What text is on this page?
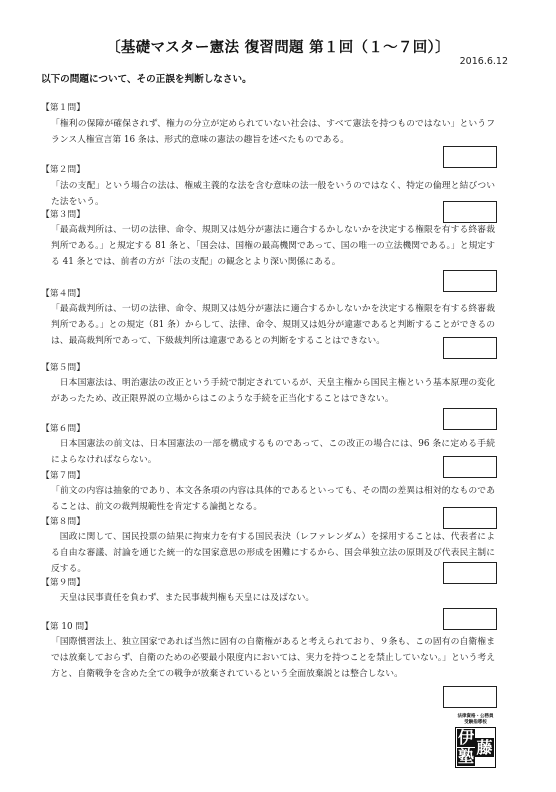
〔基礎マスター憲法 復習問題 第１回（１〜７回）〕
2016.6.12
以下の問題について、その正誤を判断しなさい。
【第１問】
「権利の保障が確保されず、権力の分立が定められていない社会は、すべて憲法を持つものではない」というフランス人権宣言第 16 条は、形式的意味の憲法の趣旨を述べたものである。
【第２問】
「法の支配」という場合の法は、権威主義的な法を含む意味の法一般をいうのではなく、特定の倫理と結びついた法をいう。
【第３問】
「最高裁判所は、一切の法律、命令、規則又は処分が憲法に適合するかしないかを決定する権限を有する終審裁判所である。」と規定する 81 条と、「国会は、国権の最高機関であって、国の唯一の立法機関である。」と規定する 41 条とでは、前者の方が「法の支配」の観念とより深い関係にある。
【第４問】
「最高裁判所は、一切の法律、命令、規則又は処分が憲法に適合するかしないかを決定する権限を有する終審裁判所である。」との規定（81 条）からして、法律、命令、規則又は処分が違憲であると判断することができるのは、最高裁判所であって、下級裁判所は違憲であるとの判断をすることはできない。
【第５問】
日本国憲法は、明治憲法の改正という手続で制定されているが、天皇主権から国民主権という基本原理の変化があったため、改正限界説の立場からはこのような手続を正当化することはできない。
【第６問】
日本国憲法の前文は、日本国憲法の一部を構成するものであって、この改正の場合には、96 条に定める手続によらなければならない。
【第７問】
「前文の内容は抽象的であり、本文各条項の内容は具体的であるといっても、その間の差異は相対的なものであることは、前文の裁判規範性を肯定する論拠となる。
【第８問】
国政に関して、国民投票の結果に拘束力を有する国民表決（レファレンダム）を採用することは、代表者による自由な審議、討論を通じた統一的な国家意思の形成を困難にするから、国会単独立法の原則及び代表民主制に反する。
【第９問】
天皇は民事責任を負わず、また民事裁判権も天皇には及ばない。
【第 10 問】
「国際慣習法上、独立国家であれば当然に固有の自衛権があると考えられており、９条も、この固有の自衛権までは放棄しておらず、自衛のための必要最小限度内においては、実力を持つことを禁止していない。」という考え方と、自衛戦争を含めた全ての戦争が放棄されているという全面放棄説とは整合しない。
法律資格・公務員
受験指導校
伊
藤
塾
